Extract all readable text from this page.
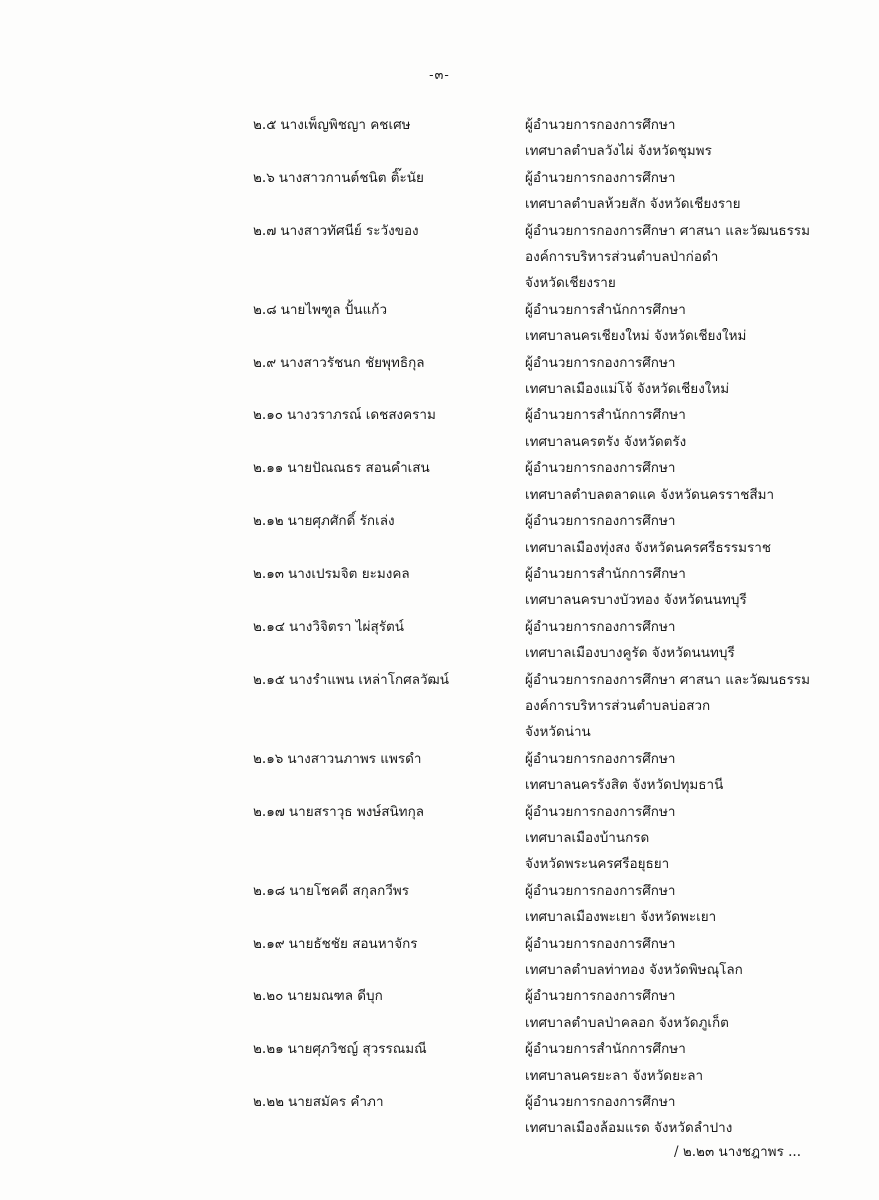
-๓-
๒.๕ นางเพ็ญพิชญา คชเศษ	ผู้อำนวยการกองการศึกษา
เทศบาลตำบลวังไผ่ จังหวัดชุมพร
๒.๖ นางสาวกานต์ชนิต ติ๊ะนัย	ผู้อำนวยการกองการศึกษา
เทศบาลตำบลห้วยสัก จังหวัดเชียงราย
๒.๗ นางสาวทัศนีย์ ระวังของ	ผู้อำนวยการกองการศึกษา ศาสนา และวัฒนธรรม
องค์การบริหารส่วนตำบลป่าก่อดำ
จังหวัดเชียงราย
๒.๘ นายไพฑูล ปั้นแก้ว	ผู้อำนวยการสำนักการศึกษา
เทศบาลนครเชียงใหม่ จังหวัดเชียงใหม่
๒.๙ นางสาวรัชนก ชัยพุทธิกุล	ผู้อำนวยการกองการศึกษา
เทศบาลเมืองแม่โจ้ จังหวัดเชียงใหม่
๒.๑๐ นางวราภรณ์ เดชสงคราม	ผู้อำนวยการสำนักการศึกษา
เทศบาลนครตรัง จังหวัดตรัง
๒.๑๑ นายปัณณธร สอนคำเสน	ผู้อำนวยการกองการศึกษา
เทศบาลตำบลตลาดแค จังหวัดนครราชสีมา
๒.๑๒ นายศุภศักดิ์ รักเล่ง	ผู้อำนวยการกองการศึกษา
เทศบาลเมืองทุ่งสง จังหวัดนครศรีธรรมราช
๒.๑๓ นางเปรมจิต ยะมงคล	ผู้อำนวยการสำนักการศึกษา
เทศบาลนครบางบัวทอง จังหวัดนนทบุรี
๒.๑๔ นางวิจิตรา ไผ่สุรัตน์	ผู้อำนวยการกองการศึกษา
เทศบาลเมืองบางคูรัด จังหวัดนนทบุรี
๒.๑๕ นางรำแพน เหล่าโกศลวัฒน์	ผู้อำนวยการกองการศึกษา ศาสนา และวัฒนธรรม
องค์การบริหารส่วนตำบลบ่อสวก
จังหวัดน่าน
๒.๑๖ นางสาวนภาพร แพรดำ	ผู้อำนวยการกองการศึกษา
เทศบาลนครรังสิต จังหวัดปทุมธานี
๒.๑๗ นายสราวุธ พงษ์สนิทกุล	ผู้อำนวยการกองการศึกษา
เทศบาลเมืองบ้านกรด
จังหวัดพระนครศรีอยุธยา
๒.๑๘ นายโชคดี สกุลกวีพร	ผู้อำนวยการกองการศึกษา
เทศบาลเมืองพะเยา จังหวัดพะเยา
๒.๑๙ นายธัชชัย สอนหาจักร	ผู้อำนวยการกองการศึกษา
เทศบาลตำบลท่าทอง จังหวัดพิษณุโลก
๒.๒๐ นายมณฑล ดีบุก	ผู้อำนวยการกองการศึกษา
เทศบาลตำบลป่าคลอก จังหวัดภูเก็ต
๒.๒๑ นายศุภวิชญ์ สุวรรณมณี	ผู้อำนวยการสำนักการศึกษา
เทศบาลนครยะลา จังหวัดยะลา
๒.๒๒ นายสมัคร คำภา	ผู้อำนวยการกองการศึกษา
เทศบาลเมืองล้อมแรด จังหวัดลำปาง
/ ๒.๒๓ นางชฎาพร ...
